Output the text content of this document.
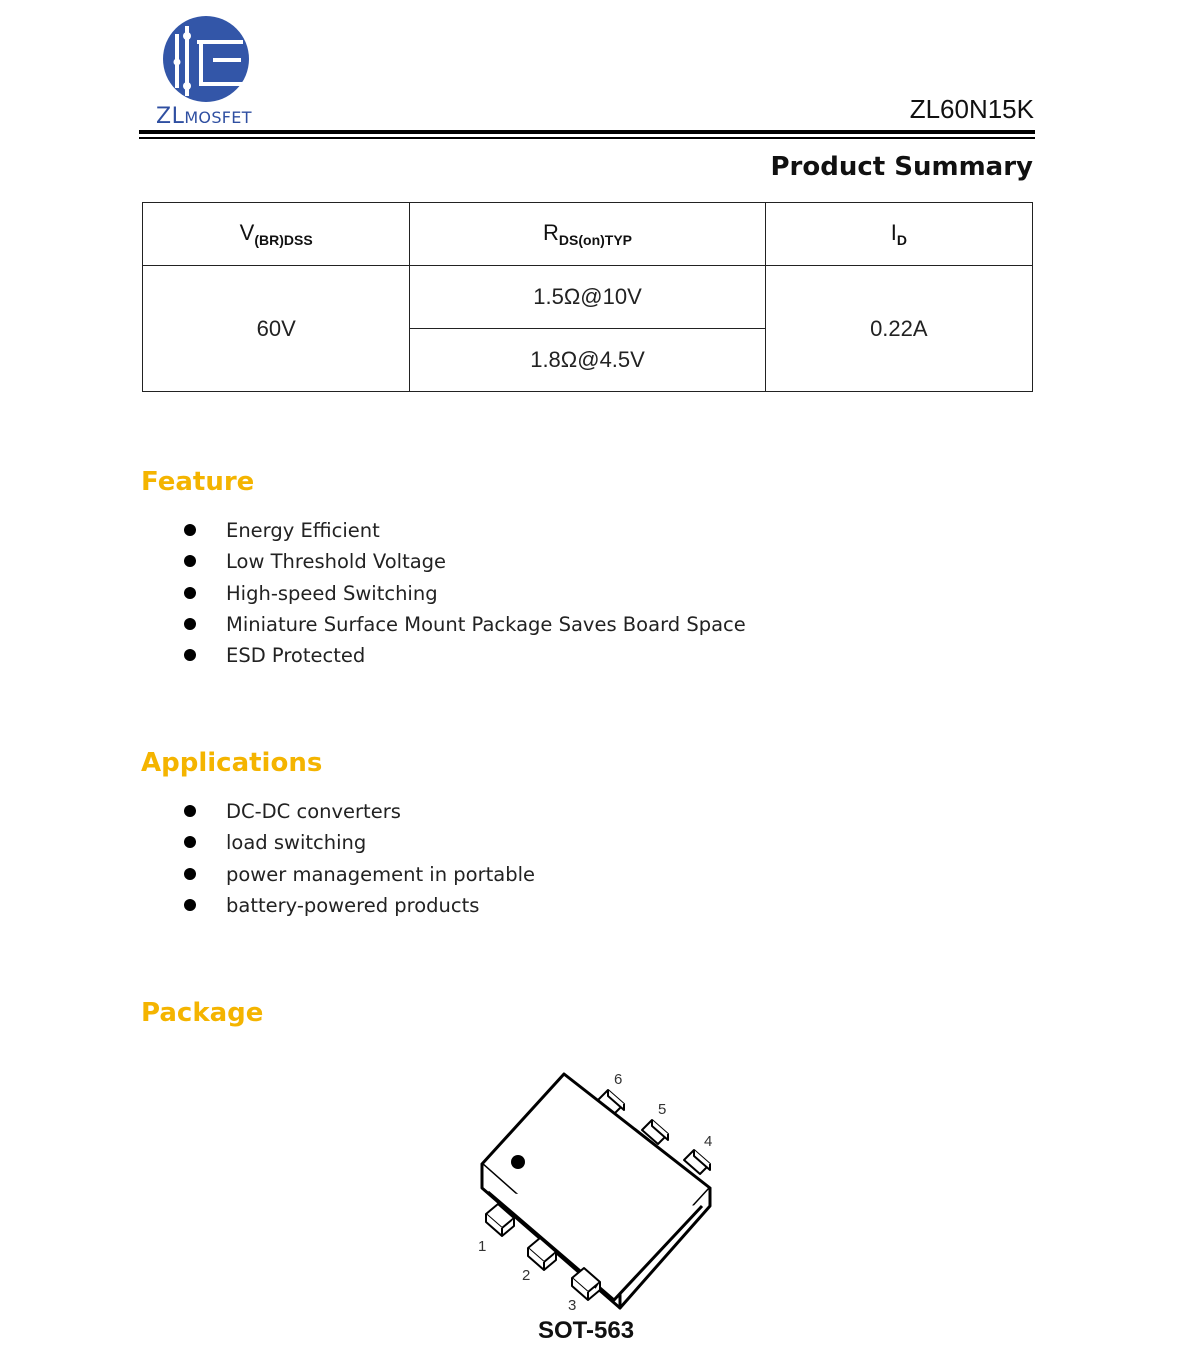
ZLMOSFET	ZL60N15K
Product Summary
$V_{(BR)DSS}$	$R_{DS(on)TYP}$	$I_D$
60V	1.5Ω@10V	0.22A
	1.8Ω@4.5V	
Feature
Energy Efficient
Low Threshold Voltage
High-speed Switching
Miniature Surface Mount Package Saves Board Space
ESD Protected
Applications
DC-DC converters
load switching
power management in portable
battery-powered products
Package
1
2
3
4
5
6
SOT-563
